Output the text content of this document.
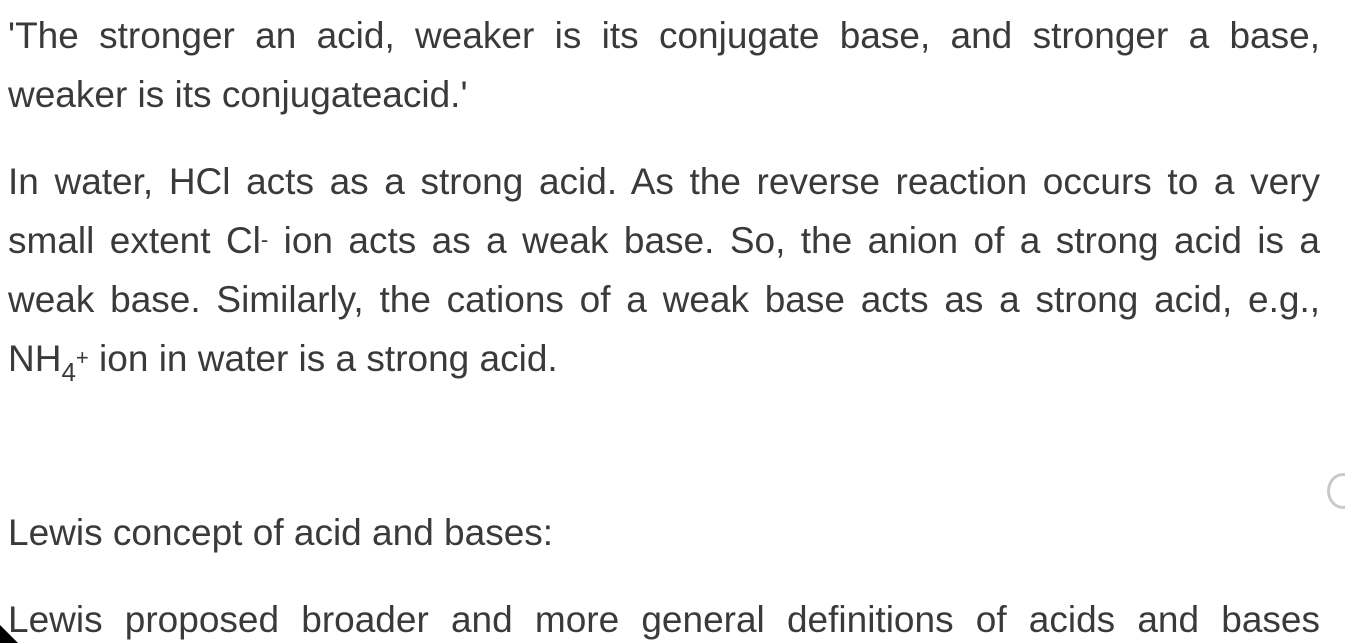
'The stronger an acid, weaker is its conjugate base, and stronger a base, weaker is its conjugateacid.'

In water, HCl acts as a strong acid. As the reverse reaction occurs to a very small extent Cl- ion acts as a weak base. So, the anion of a strong acid is a weak base. Similarly, the cations of a weak base acts as a strong acid, e.g., $NH_4^+$ ion in water is a strong acid.

Lewis concept of acid and bases:

Lewis proposed broader and more general definitions of acids and bases
